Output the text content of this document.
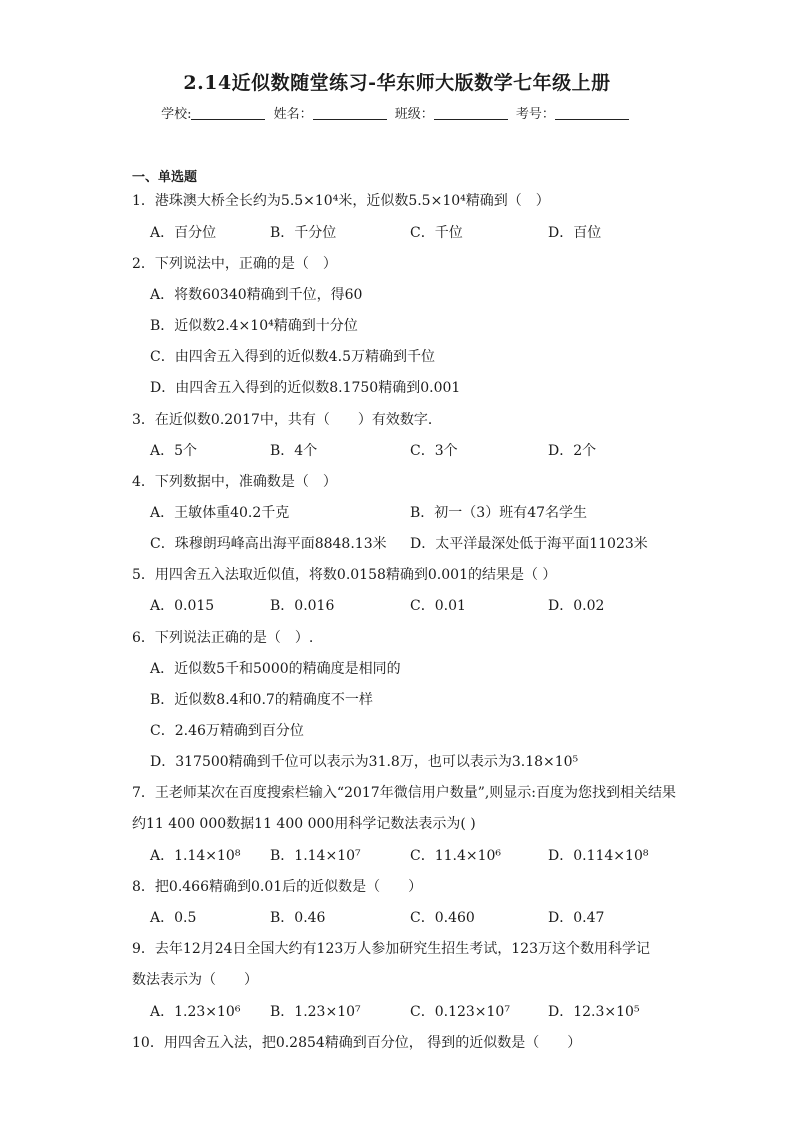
2.14近似数随堂练习-华东师大版数学七年级上册
学校:	姓名：	班级：	考号：
一、单选题
1．港珠澳大桥全长约为5.5×10⁴米，近似数5.5×10⁴精确到（　）
A．百分位	B．千分位	C．千位	D．百位
2．下列说法中，正确的是（　）
A．将数60340精确到千位，得60
B．近似数2.4×10⁴精确到十分位
C．由四舍五入得到的近似数4.5万精确到千位
D．由四舍五入得到的近似数8.1750精确到0.001
3．在近似数0.2017中，共有（　　）有效数字．
A．5个	B．4个	C．3个	D．2个
4．下列数据中，准确数是（　）
A．王敏体重40.2千克	B．初一（3）班有47名学生
C．珠穆朗玛峰高出海平面8848.13米 D．太平洋最深处低于海平面11023米
5．用四舍五入法取近似值，将数0.0158精确到0.001的结果是（ ）
A．0.015	B．0.016	C．0.01	D．0.02
6．下列说法正确的是（　）.
A．近似数5千和5000的精确度是相同的
B．近似数8.4和0.7的精确度不一样
C．2.46万精确到百分位
D．317500精确到千位可以表示为31.8万，也可以表示为3.18×10⁵
7．王老师某次在百度搜索栏输入“2017年微信用户数量”,则显示:百度为您找到相关结果
约11 400 000数据11 400 000用科学记数法表示为( )
A．1.14×10⁸ B．1.14×10⁷	C．11.4×10⁶	D．0.114×10⁸
8．把0.466精确到0.01后的近似数是（　　）
A．0.5	B．0.46	C．0.460	D．0.47
9．去年12月24日全国大约有123万人参加研究生招生考试，123万这个数用科学记
数法表示为（　　）
A．1.23×10⁶ B．1.23×10⁷	C．0.123×10⁷	D．12.3×10⁵
10．用四舍五入法，把0.2854精确到百分位， 得到的近似数是（　　）
